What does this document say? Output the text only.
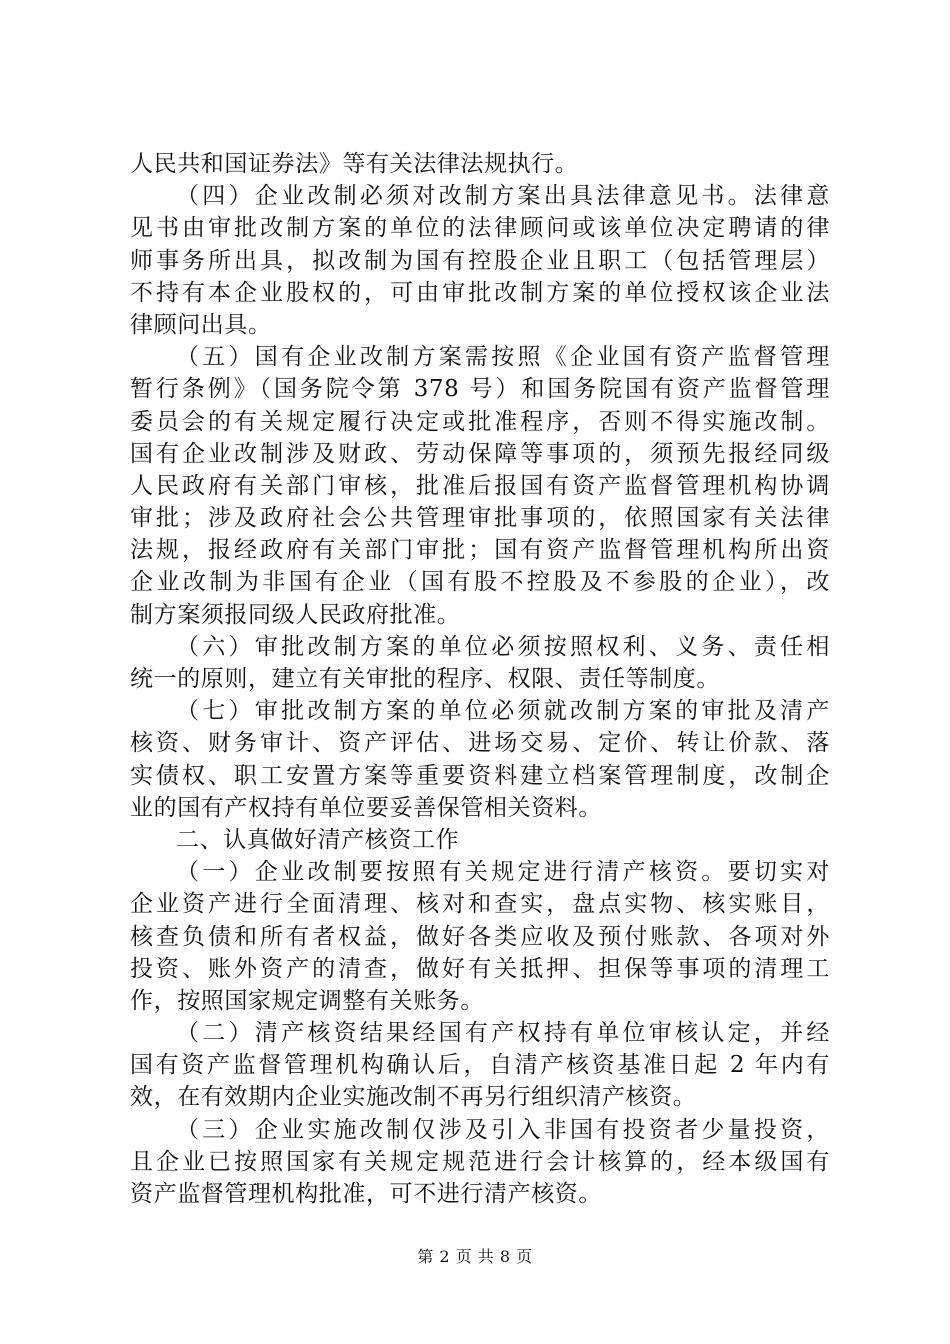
人民共和国证券法》等有关法律法规执行。
（四）企业改制必须对改制方案出具法律意见书。法律意
见书由审批改制方案的单位的法律顾问或该单位决定聘请的律
师事务所出具，拟改制为国有控股企业且职工（包括管理层）
不持有本企业股权的，可由审批改制方案的单位授权该企业法
律顾问出具。
（五）国有企业改制方案需按照《企业国有资产监督管理
暂行条例》（国务院令第 378 号）和国务院国有资产监督管理
委员会的有关规定履行决定或批准程序，否则不得实施改制。
国有企业改制涉及财政、劳动保障等事项的，须预先报经同级
人民政府有关部门审核，批准后报国有资产监督管理机构协调
审批；涉及政府社会公共管理审批事项的，依照国家有关法律
法规，报经政府有关部门审批；国有资产监督管理机构所出资
企业改制为非国有企业（国有股不控股及不参股的企业），改
制方案须报同级人民政府批准。
（六）审批改制方案的单位必须按照权利、义务、责任相
统一的原则，建立有关审批的程序、权限、责任等制度。
（七）审批改制方案的单位必须就改制方案的审批及清产
核资、财务审计、资产评估、进场交易、定价、转让价款、落
实债权、职工安置方案等重要资料建立档案管理制度，改制企
业的国有产权持有单位要妥善保管相关资料。
二、认真做好清产核资工作
（一）企业改制要按照有关规定进行清产核资。要切实对
企业资产进行全面清理、核对和查实，盘点实物、核实账目，
核查负债和所有者权益，做好各类应收及预付账款、各项对外
投资、账外资产的清查，做好有关抵押、担保等事项的清理工
作，按照国家规定调整有关账务。
（二）清产核资结果经国有产权持有单位审核认定，并经
国有资产监督管理机构确认后，自清产核资基准日起 2 年内有
效，在有效期内企业实施改制不再另行组织清产核资。
（三）企业实施改制仅涉及引入非国有投资者少量投资，
且企业已按照国家有关规定规范进行会计核算的，经本级国有
资产监督管理机构批准，可不进行清产核资。
第 2 页 共 8 页
